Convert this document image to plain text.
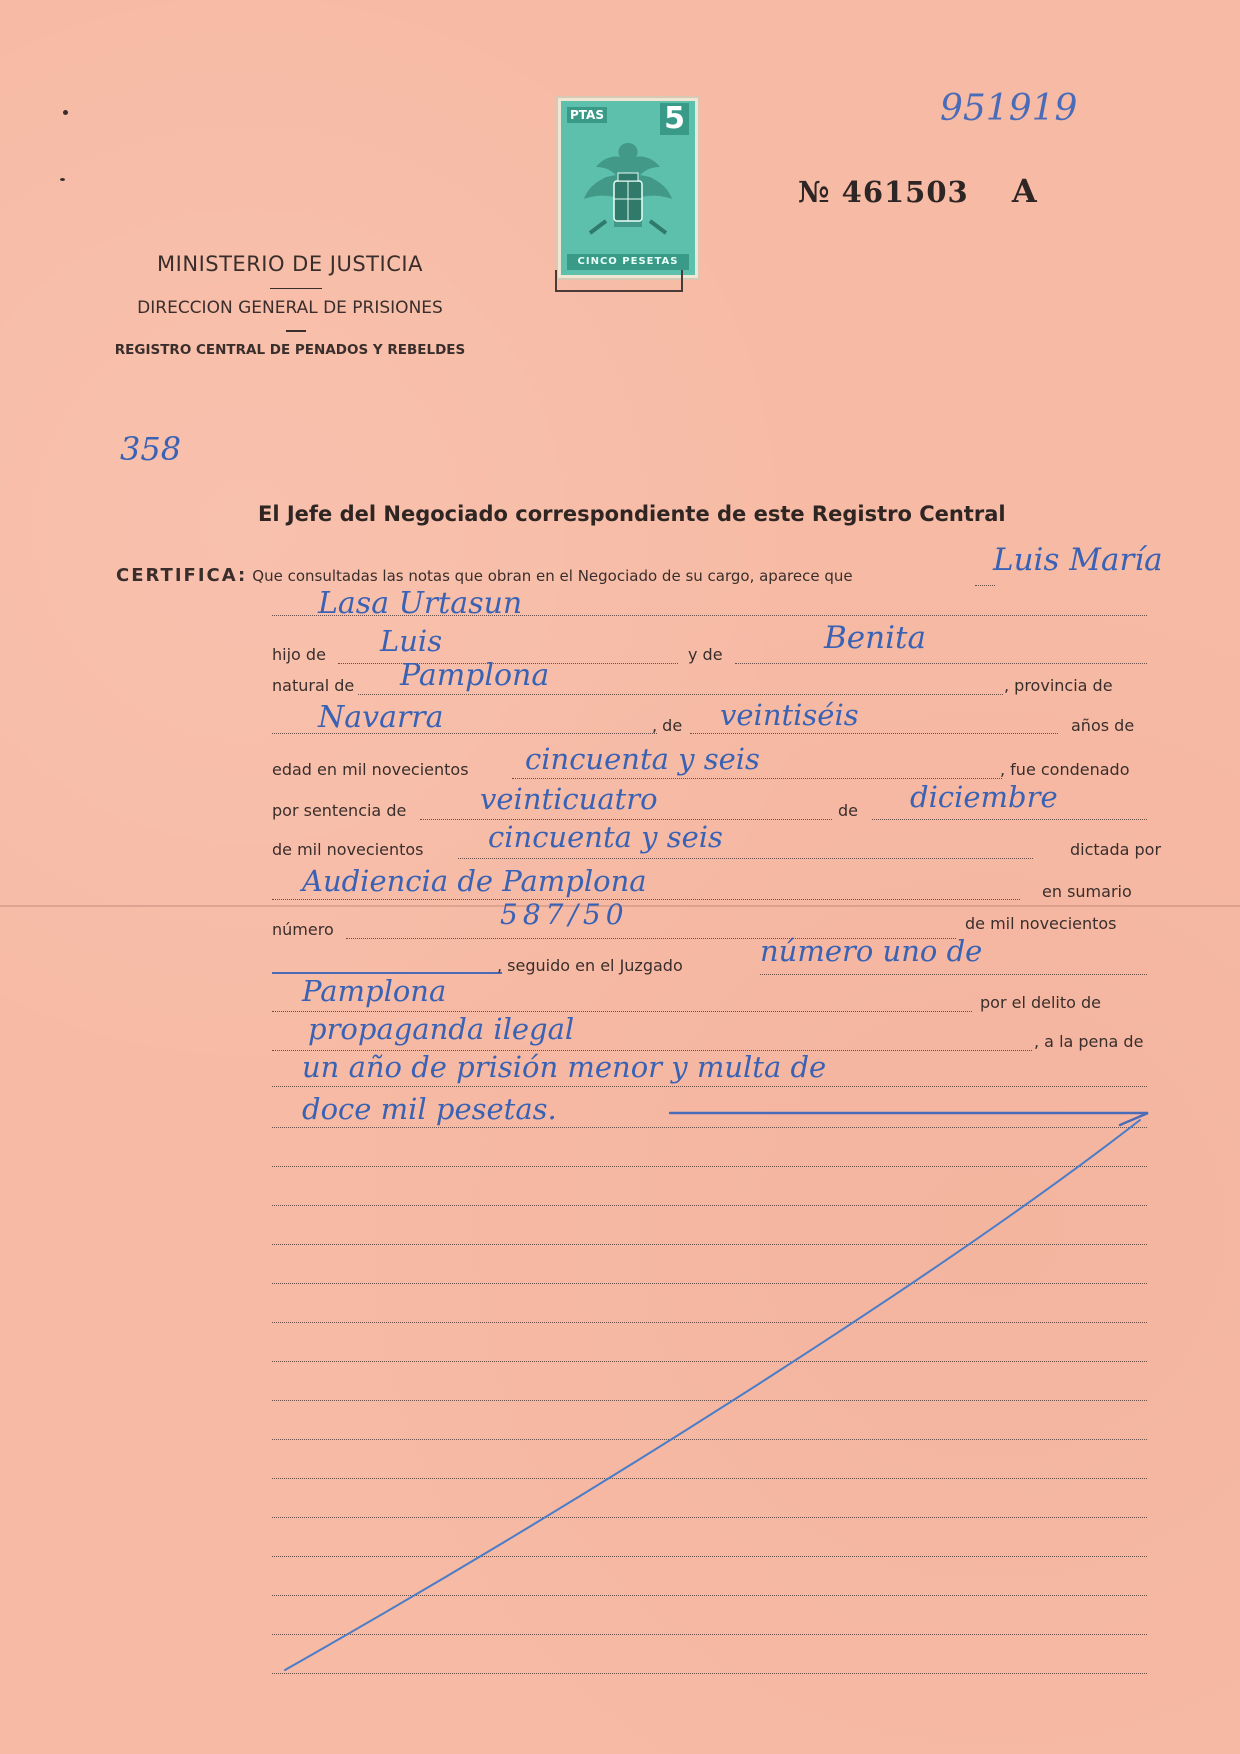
PTAS 5
CINCO PESETAS
951919
358
№ 461503 A
MINISTERIO DE JUSTICIA
DIRECCION GENERAL DE PRISIONES
REGISTRO CENTRAL DE PENADOS Y REBELDES
El Jefe del Negociado correspondiente de este Registro Central
CERTIFICA: Que consultadas las notas que obran en el Negociado de su cargo, aparece que	Luis María
Lasa Urtasun
hijo de Luis	y de	Benita
natural de Pamplona	, provincia de
Navarra	, de veintiséis	años de
edad en mil novecientos cincuenta y seis	, fue condenado
por sentencia de	veinticuatro	de diciembre
de mil novecientos cincuenta y seis	dictada por
Audiencia de Pamplona	en sumario
número	587/50	de mil novecientos
, seguido en el Juzgado	número uno de
Pamplona	por el delito de
propaganda ilegal	, a la pena de
un año de prisión menor y multa de
doce mil pesetas.
